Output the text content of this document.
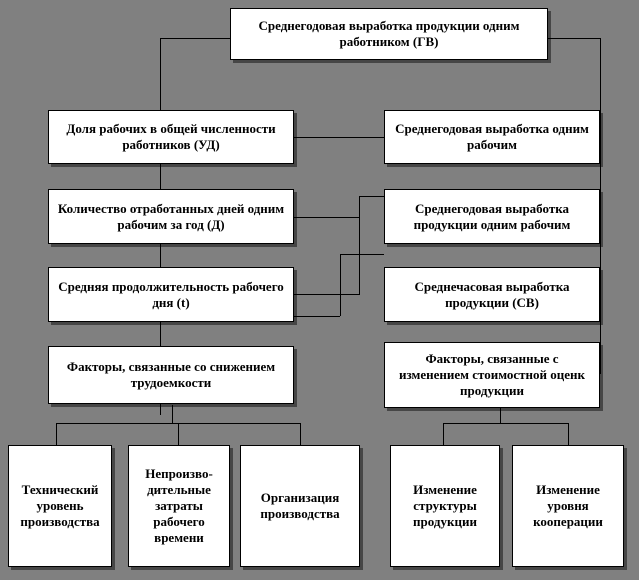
Среднегодовая выработка продукции одним работником (ГВ)
Доля рабочих в общей численности работников (УД)
Количество отработанных дней одним рабочим за год (Д)
Средняя продолжительность рабочего дня (t)
Факторы, связанные со снижением трудоемкости
Среднегодовая выработка одним рабочим
Среднегодовая выработка продукции одним рабочим
Среднечасовая выработка продукции (СВ)
Факторы, связанные с изменением стоимостной оценк продукции
Технический уровень производства
Непроизво-дительные затраты рабочего времени
Организация производства
Изменение структуры продукции
Изменение уровня кооперации
